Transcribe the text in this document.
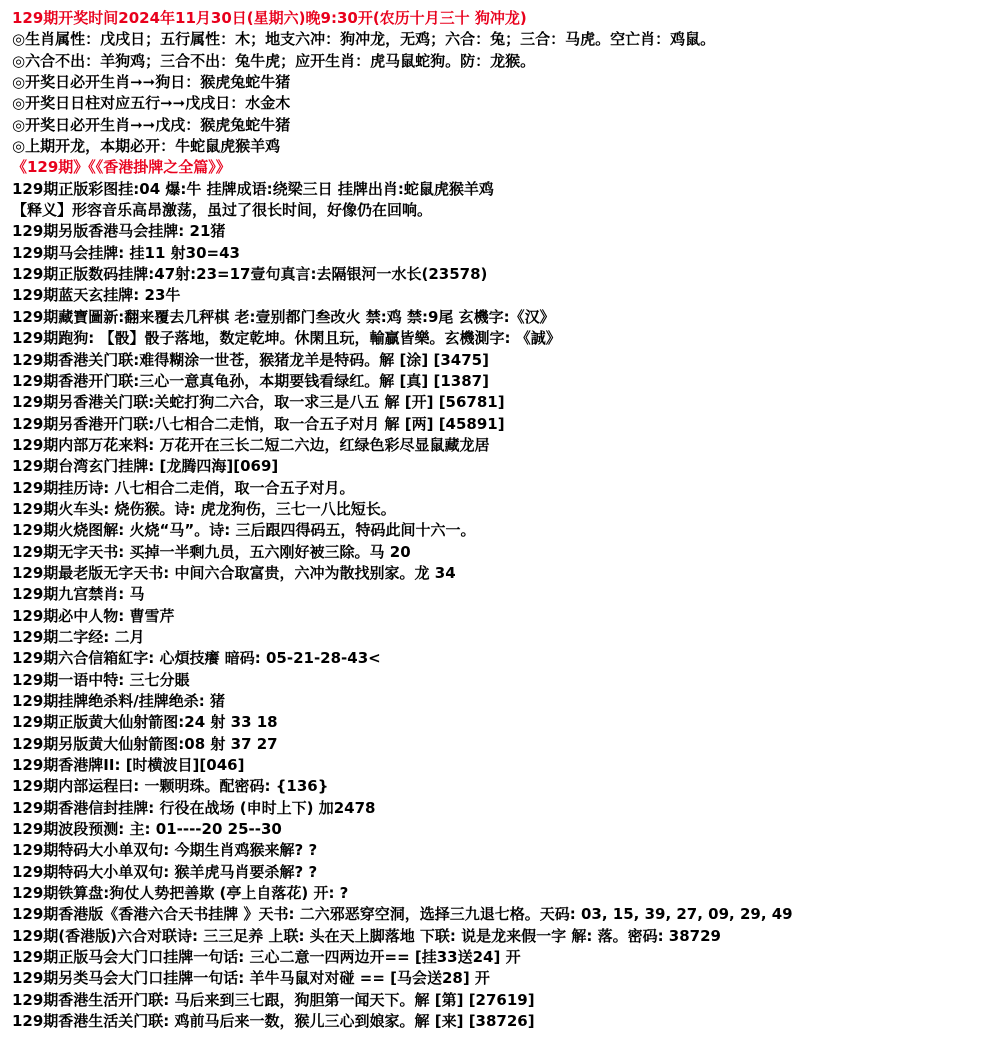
129期开奖时间2024年11月30日(星期六)晚9:30开(农历十月三十 狗冲龙)
◎生肖属性：戊戌日；五行属性：木；地支六冲：狗冲龙，无鸡；六合：兔；三合：马虎。空亡肖：鸡鼠。
◎六合不出：羊狗鸡；三合不出：兔牛虎；应开生肖：虎马鼠蛇狗。防：龙猴。
◎开奖日必开生肖➞➞狗日：猴虎兔蛇牛猪
◎开奖日日柱对应五行➞➞戊戌日：水金木
◎开奖日必开生肖➞➞戊戌：猴虎兔蛇牛猪
◎上期开龙，本期必开：牛蛇鼠虎猴羊鸡
《129期》《《香港掛牌之全篇》》
129期正版彩图挂:04 爆:牛 挂牌成语:绕梁三日 挂牌出肖:蛇鼠虎猴羊鸡
【释义】形容音乐高昂激荡，虽过了很长时间，好像仍在回响。
129期另版香港马会挂牌: 21猪
129期马会挂牌: 挂11 射30=43
129期正版数码挂牌:47射:23=17壹句真言:去隔银河一水长(23578)
129期蓝天玄挂牌: 23牛
129期藏寶圖新:翻来覆去几秤棋 老:壹别都门叁改火 禁:鸡 禁:9尾 玄機字:《汉》
129期跑狗: 【骰】骰子落地，数定乾坤。休閑且玩，輸贏皆樂。玄機測字: 《誠》
129期香港关门联:难得糊涂一世苍，猴猪龙羊是特码。解 [涂] [3475]
129期香港开门联:三心一意真龟孙，本期要钱看绿红。解 [真] [1387]
129期另香港关门联:关蛇打狗二六合，取一求三是八五 解 [开] [56781]
129期另香港开门联:八七相合二走悄，取一合五子对月 解 [两] [45891]
129期内部万花来料: 万花开在三长二短二六边，红绿色彩尽显鼠藏龙居
129期台湾玄门挂牌: [龙腾四海][069]
129期挂历诗: 八七相合二走俏，取一合五子对月。
129期火车头: 烧伤猴。诗: 虎龙狗伤，三七一八比短长。
129期火烧图解: 火烧“马”。诗: 三后跟四得码五，特码此间十六一。
129期无字天书: 买掉一半剩九员，五六刚好被三除。马 20
129期最老版无字天书: 中间六合取富贵，六冲为散找别家。龙 34
129期九宫禁肖: 马
129期必中人物: 曹雪芹
129期二字经: 二月
129期六合信箱紅字: 心煩技癢 暗码: 05-21-28-43<
129期一语中特: 三七分賬
129期挂牌绝杀料/挂牌绝杀: 猪
129期正版黄大仙射箭图:24 射 33 18
129期另版黄大仙射箭图:08 射 37 27
129期香港牌II: [时横波目][046]
129期内部运程曰: 一颗明珠。配密码: {136}
129期香港信封挂牌: 行役在战场 (申时上下) 加2478
129期波段预测: 主: 01----20 25--30
129期特码大小单双句: 今期生肖鸡猴来解? ?
129期特码大小单双句: 猴羊虎马肖要杀解? ?
129期铁算盘:狗仗人势把善欺 (亭上自落花) 开: ?
129期香港版《香港六合天书挂牌 》天书: 二六邪恶穿空洞，选择三九退七格。天码: 03, 15, 39, 27, 09, 29, 49
129期(香港版)六合对联诗: 三三足养 上联: 头在天上脚落地 下联: 说是龙来假一字 解: 落。密码: 38729
129期正版马会大门口挂牌一句话: 三心二意一四两边开== [挂33送24] 开
129期另类马会大门口挂牌一句话: 羊牛马鼠对对碰 == [马会送28] 开
129期香港生活开门联: 马后来到三七跟，狗胆第一闻天下。解 [第] [27619]
129期香港生活关门联: 鸡前马后来一数，猴儿三心到娘家。解 [来] [38726]
